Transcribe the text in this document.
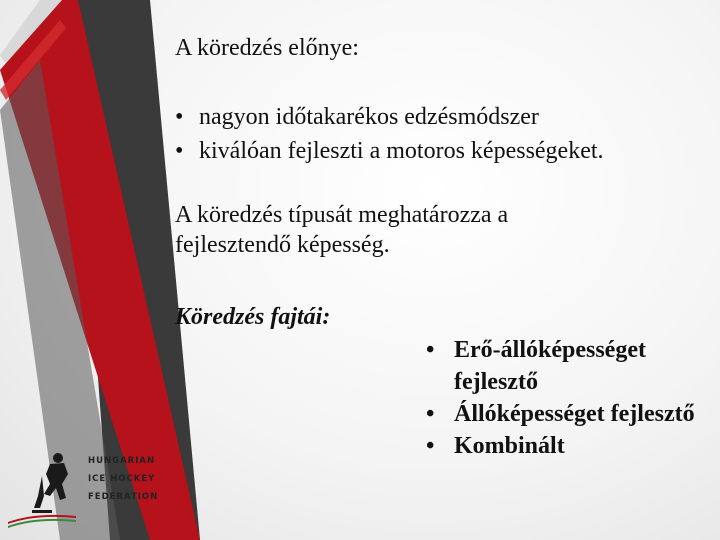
A köredzés előnye:
• nagyon időtakarékos edzésmódszer
• kiválóan fejleszti a motoros képességeket.
A köredzés típusát meghatározza a fejlesztendő képesség.
Köredzés fajtái:
• Erő-állóképességet fejlesztő
• Állóképességet fejlesztő
• Kombinált
HUNGARIAN
ICE HOCKEY
FEDERATION
